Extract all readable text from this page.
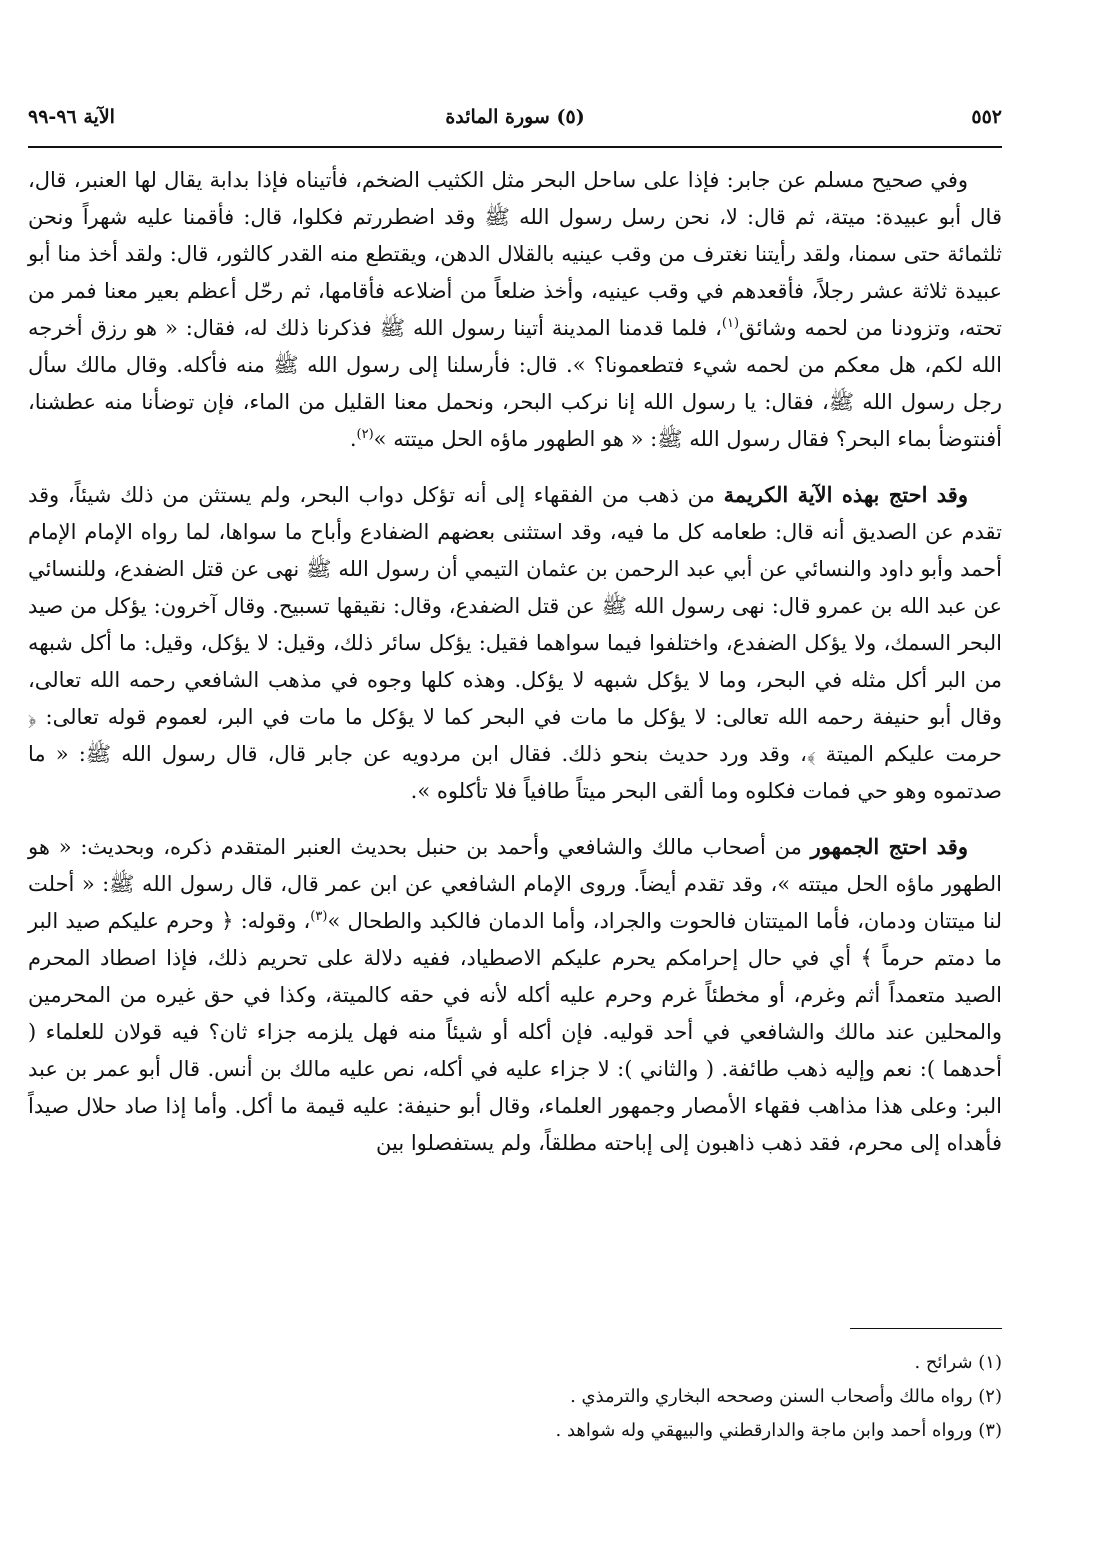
٥٥٢
(٥) سورة المائدة
الآية ٩٦-٩٩

وفي صحيح مسلم عن جابر: فإذا على ساحل البحر مثل الكثيب الضخم، فأتيناه فإذا بدابة يقال لها العنبر، قال، قال أبو عبيدة: ميتة، ثم قال: لا، نحن رسل رسول الله ﷺ وقد اضطررتم فكلوا، قال: فأقمنا عليه شهراً ونحن ثلثمائة حتى سمنا، ولقد رأيتنا نغترف من وقب عينيه بالقلال الدهن، ويقتطع منه القدر كالثور، قال: ولقد أخذ منا أبو عبيدة ثلاثة عشر رجلاً، فأقعدهم في وقب عينيه، وأخذ ضلعاً من أضلاعه فأقامها، ثم رحّل أعظم بعير معنا فمر من تحته، وتزودنا من لحمه وشائق$^{(١)}$، فلما قدمنا المدينة أتينا رسول الله ﷺ فذكرنا ذلك له، فقال: « هو رزق أخرجه الله لكم، هل معكم من لحمه شيء فتطعمونا؟ ». قال: فأرسلنا إلى رسول الله ﷺ منه فأكله. وقال مالك سأل رجل رسول الله ﷺ، فقال: يا رسول الله إنا نركب البحر، ونحمل معنا القليل من الماء، فإن توضأنا منه عطشنا، أفنتوضأ بماء البحر؟ فقال رسول الله ﷺ: « هو الطهور ماؤه الحل ميتته »$^{(٢)}$.

وقد احتج بهذه الآية الكريمة من ذهب من الفقهاء إلى أنه تؤكل دواب البحر، ولم يستثن من ذلك شيئاً، وقد تقدم عن الصديق أنه قال: طعامه كل ما فيه، وقد استثنى بعضهم الضفادع وأباح ما سواها، لما رواه الإمام الإمام أحمد وأبو داود والنسائي عن أبي عبد الرحمن بن عثمان التيمي أن رسول الله ﷺ نهى عن قتل الضفدع، وللنسائي عن عبد الله بن عمرو قال: نهى رسول الله ﷺ عن قتل الضفدع، وقال: نقيقها تسبيح. وقال آخرون: يؤكل من صيد البحر السمك، ولا يؤكل الضفدع، واختلفوا فيما سواهما فقيل: يؤكل سائر ذلك، وقيل: لا يؤكل، وقيل: ما أكل شبهه من البر أكل مثله في البحر، وما لا يؤكل شبهه لا يؤكل. وهذه كلها وجوه في مذهب الشافعي رحمه الله تعالى، وقال أبو حنيفة رحمه الله تعالى: لا يؤكل ما مات في البحر كما لا يؤكل ما مات في البر، لعموم قوله تعالى: ﴿ حرمت عليكم الميتة ﴾، وقد ورد حديث بنحو ذلك. فقال ابن مردويه عن جابر قال، قال رسول الله ﷺ: « ما صدتموه وهو حي فمات فكلوه وما ألقى البحر ميتاً طافياً فلا تأكلوه ».

وقد احتج الجمهور من أصحاب مالك والشافعي وأحمد بن حنبل بحديث العنبر المتقدم ذكره، وبحديث: « هو الطهور ماؤه الحل ميتته »، وقد تقدم أيضاً. وروى الإمام الشافعي عن ابن عمر قال، قال رسول الله ﷺ: « أحلت لنا ميتتان ودمان، فأما الميتتان فالحوت والجراد، وأما الدمان فالكبد والطحال »$^{(٣)}$، وقوله: ﴿ وحرم عليكم صيد البر ما دمتم حرماً ﴾ أي في حال إحرامكم يحرم عليكم الاصطياد، ففيه دلالة على تحريم ذلك، فإذا اصطاد المحرم الصيد متعمداً أثم وغرم، أو مخطئاً غرم وحرم عليه أكله لأنه في حقه كالميتة، وكذا في حق غيره من المحرمين والمحلين عند مالك والشافعي في أحد قوليه. فإن أكله أو شيئاً منه فهل يلزمه جزاء ثان؟ فيه قولان للعلماء ( أحدهما ): نعم وإليه ذهب طائفة. ( والثاني ): لا جزاء عليه في أكله، نص عليه مالك بن أنس. قال أبو عمر بن عبد البر: وعلى هذا مذاهب فقهاء الأمصار وجمهور العلماء، وقال أبو حنيفة: عليه قيمة ما أكل. وأما إذا صاد حلال صيداً فأهداه إلى محرم، فقد ذهب ذاهبون إلى إباحته مطلقاً، ولم يستفصلوا بين

(١) شرائح .

(٢) رواه مالك وأصحاب السنن وصححه البخاري والترمذي .

(٣) ورواه أحمد وابن ماجة والدارقطني والبيهقي وله شواهد .
